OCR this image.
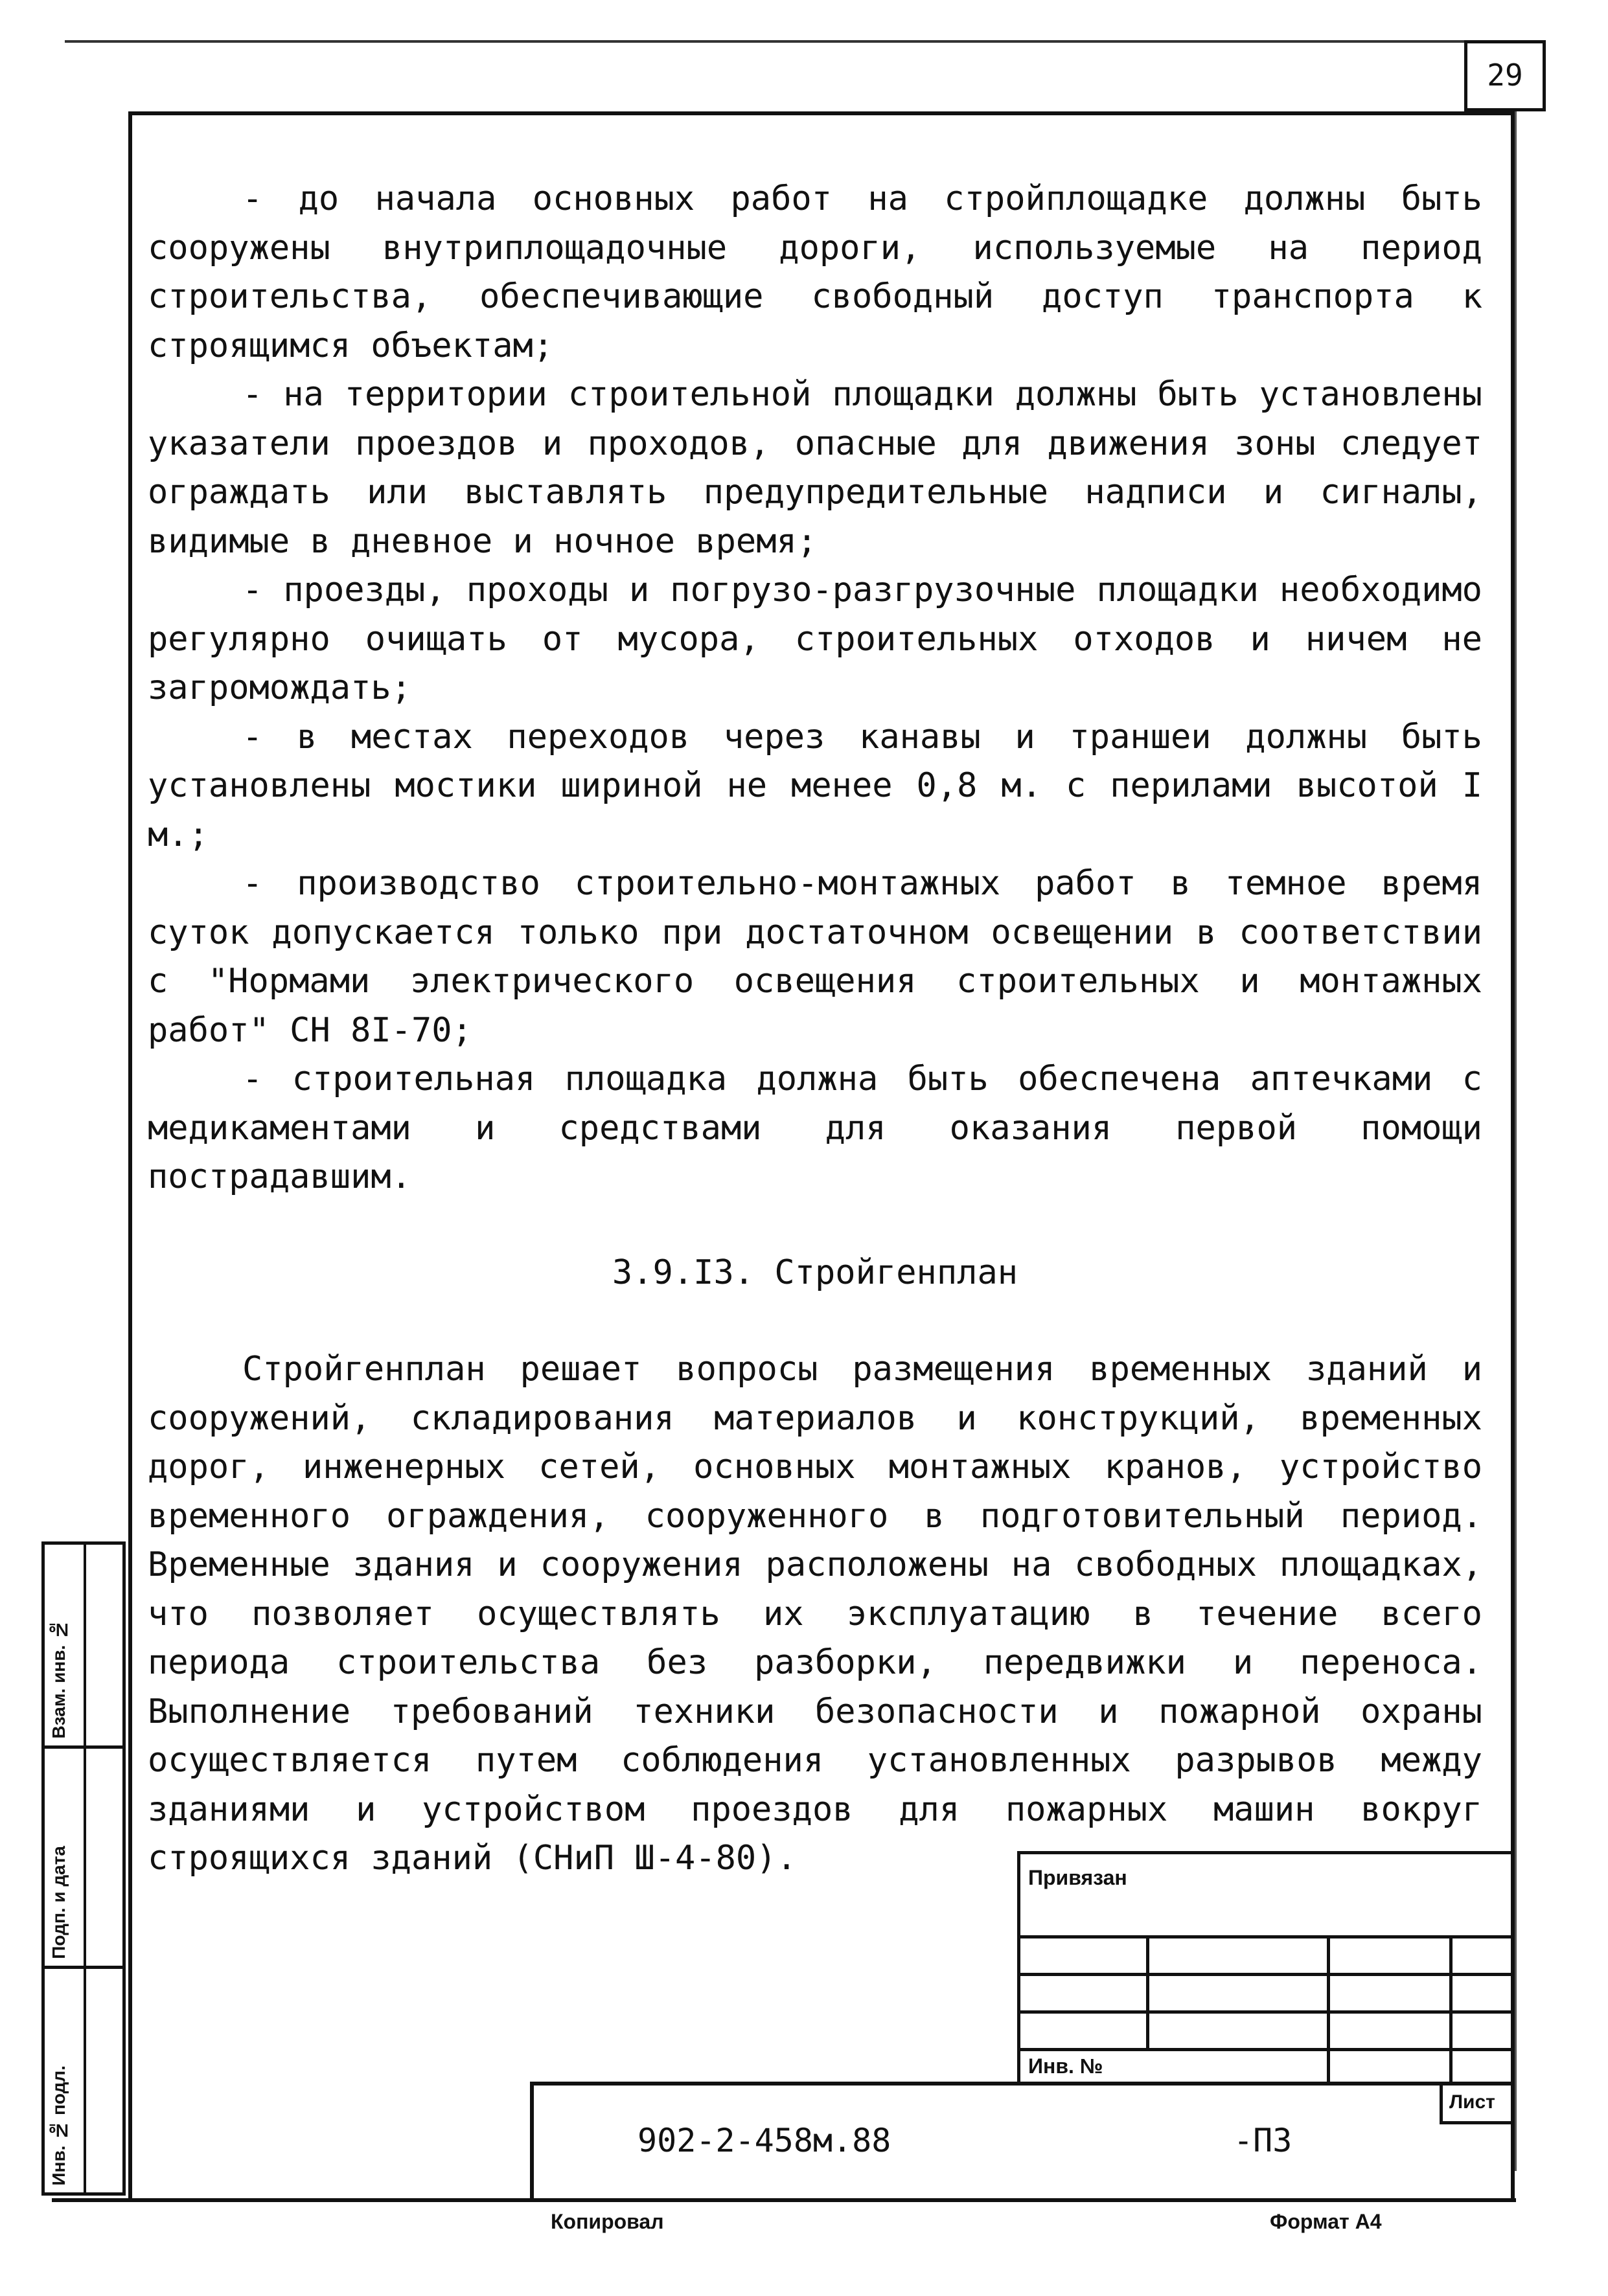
29

- до начала основных работ на стройплощадке должны быть сооружены внутриплощадочные дороги, используемые на период строительства, обеспечивающие свободный доступ транспорта к строящимся объектам;

- на территории строительной площадки должны быть установлены указатели проездов и проходов, опасные для движения зоны следует ограждать или выставлять предупредительные надписи и сигналы, видимые в дневное и ночное время;

- проезды, проходы и погрузо-разгрузочные площадки необходимо регулярно очищать от мусора, строительных отходов и ничем не загромождать;

- в местах переходов через канавы и траншеи должны быть установлены мостики шириной не менее 0,8 м. с перилами высотой I м.;

- производство строительно-монтажных работ в темное время суток допускается только при достаточном освещении в соответствии с "Нормами электрического освещения строительных и монтажных работ" СН 8I-70;

- строительная площадка должна быть обеспечена аптечками с медикаментами и средствами для оказания первой помощи пострадавшим.

3.9.I3. Стройгенплан

Стройгенплан решает вопросы размещения временных зданий и сооружений, складирования материалов и конструкций, временных дорог, инженерных сетей, основных монтажных кранов, устройство временного ограждения, сооруженного в подготовительный период. Временные здания и сооружения расположены на свободных площадках, что позволяет осуществлять их эксплуатацию в течение всего периода строительства без разборки, передвижки и переноса. Выполнение требований техники безопасности и пожарной охраны осуществляется путем соблюдения установленных разрывов между зданиями и устройством проездов для пожарных машин вокруг строящихся зданий (СНиП Ш-4-80).

Взам. инв. №
Подп. и дата
Инв. № подл.
Привязан			

Инв. №			
902-2-458м.88	-ПЗ
Лист
Копировал	Формат А4
